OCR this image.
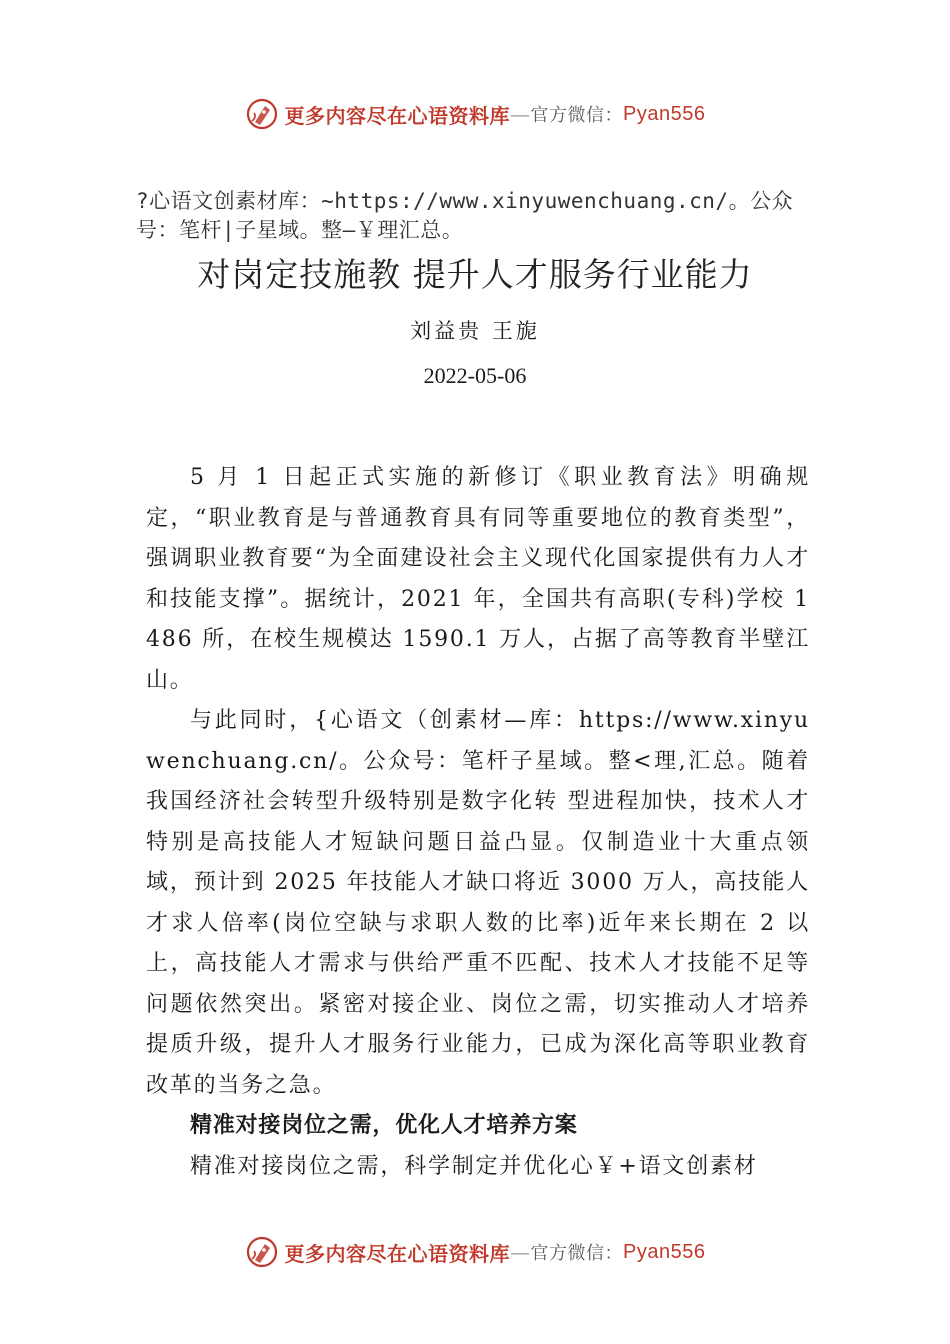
更多内容尽在心语资料库 — 官方微信： Pyan556
?心语文创素材库：~https://www.xinyuwenchuang.cn/。公众号：笔杆|子星域。整—￥理汇总。
对岗定技施教 提升人才服务行业能力
刘益贵 王旎
2022-05-06

5 月 1 日起正式实施的新修订《职业教育法》明确规定，“职业教育是与普通教育具有同等重要地位的教育类型”，强调职业教育要“为全面建设社会主义现代化国家提供有力人才和技能支撑”。据统计，2021 年，全国共有高职(专科)学校 1486 所，在校生规模达 1590.1 万人，占据了高等教育半壁江山。

与此同时，{心语文（创素材—库：https://www.xinyuwenchuang.cn/。公众号：笔杆子星域。整<理,汇总。随着我国经济社会转型升级特别是数字化转 型进程加快，技术人才特别是高技能人才短缺问题日益凸显。仅制造业十大重点领域，预计到 2025 年技能人才缺口将近 3000 万人，高技能人才求人倍率(岗位空缺与求职人数的比率)近年来长期在 2 以上，高技能人才需求与供给严重不匹配、技术人才技能不足等问题依然突出。紧密对接企业、岗位之需，切实推动人才培养提质升级，提升人才服务行业能力，已成为深化高等职业教育改革的当务之急。

精准对接岗位之需，优化人才培养方案

精准对接岗位之需，科学制定并优化心￥+语文创素材

更多内容尽在心语资料库 — 官方微信： Pyan556
